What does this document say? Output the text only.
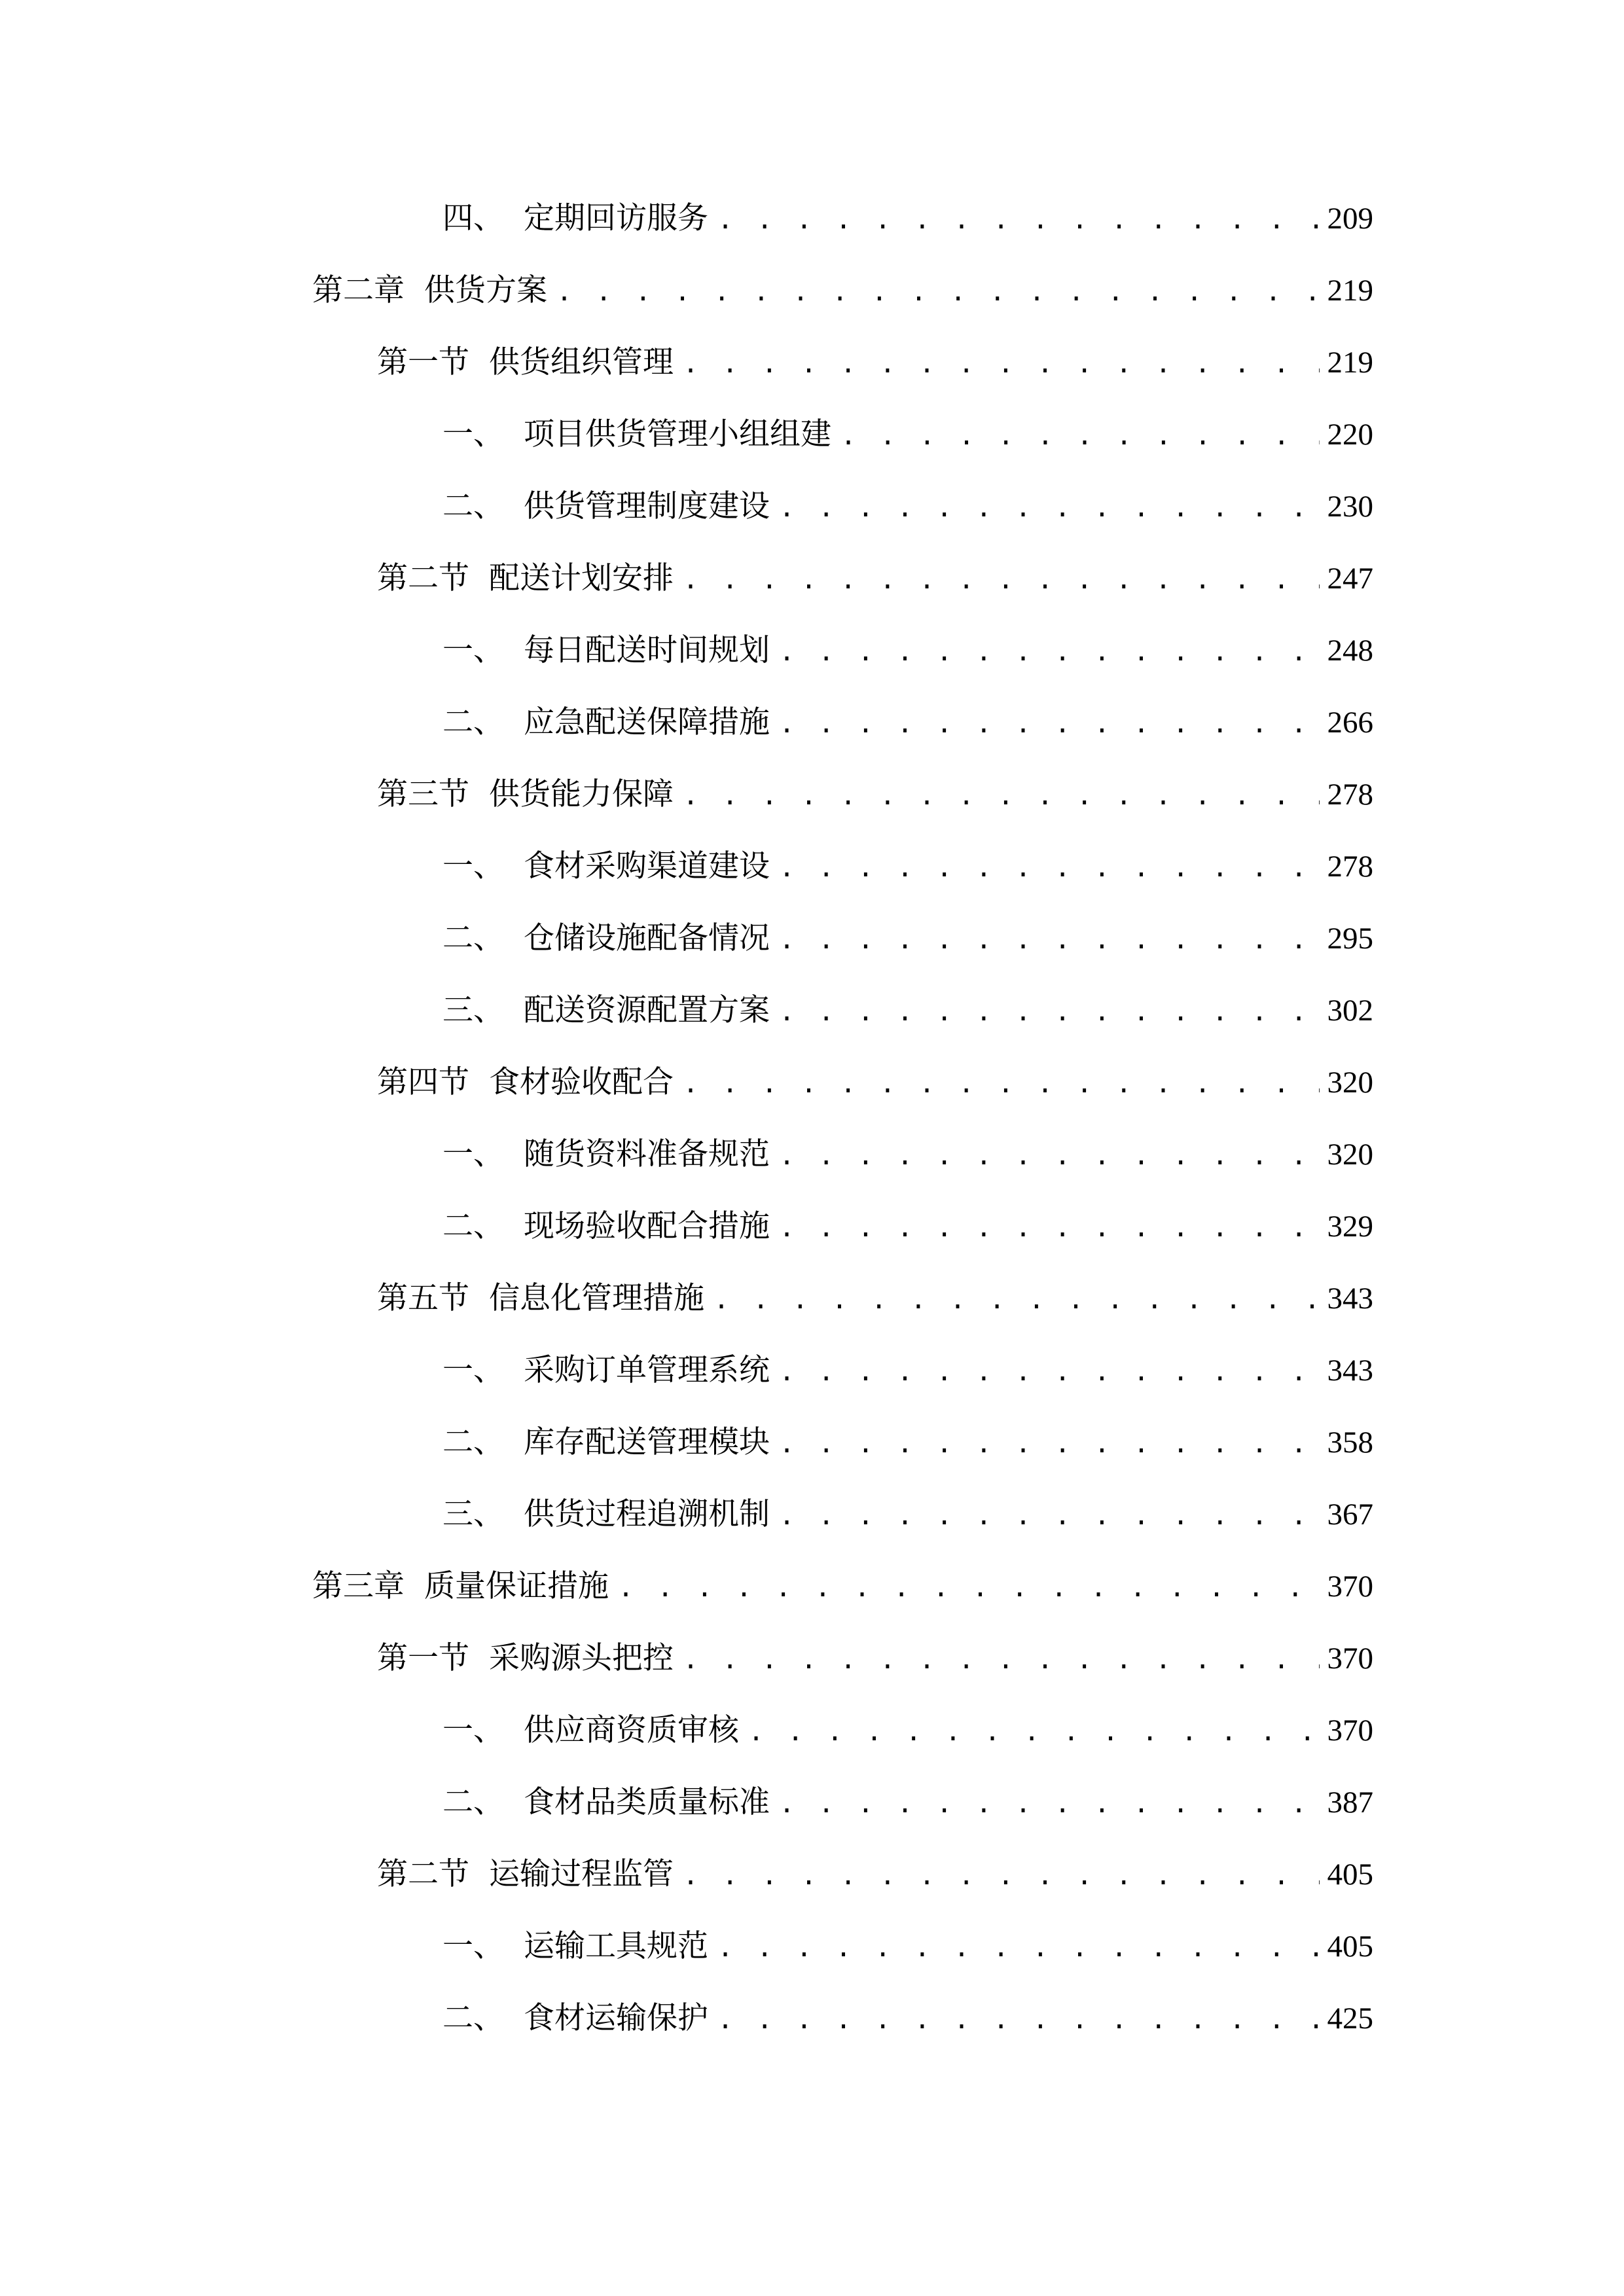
四、 定期回访服务 . . .	209
第二章 供货方案 . . .	219
第一节 供货组织管理 . . .	219
一、 项目供货管理小组组建 . . .	220
二、 供货管理制度建设 . . .	230
第二节 配送计划安排 . . .	247
一、 每日配送时间规划 . . .	248
二、 应急配送保障措施 . . .	266
第三节 供货能力保障 . . .	278
一、 食材采购渠道建设 . . .	278
二、 仓储设施配备情况 . . .	295
三、 配送资源配置方案 . . .	302
第四节 食材验收配合 . . .	320
一、 随货资料准备规范 . . .	320
二、 现场验收配合措施 . . .	329
第五节 信息化管理措施 . . .	343
一、 采购订单管理系统 . . .	343
二、 库存配送管理模块 . . .	358
三、 供货过程追溯机制 . . .	367
第三章 质量保证措施 . . .	370
第一节 采购源头把控 . . .	370
一、 供应商资质审核 . . .	370
二、 食材品类质量标准 . . .	387
第二节 运输过程监管 . . .	405
一、 运输工具规范 . . .	405
二、 食材运输保护 . . .	425
